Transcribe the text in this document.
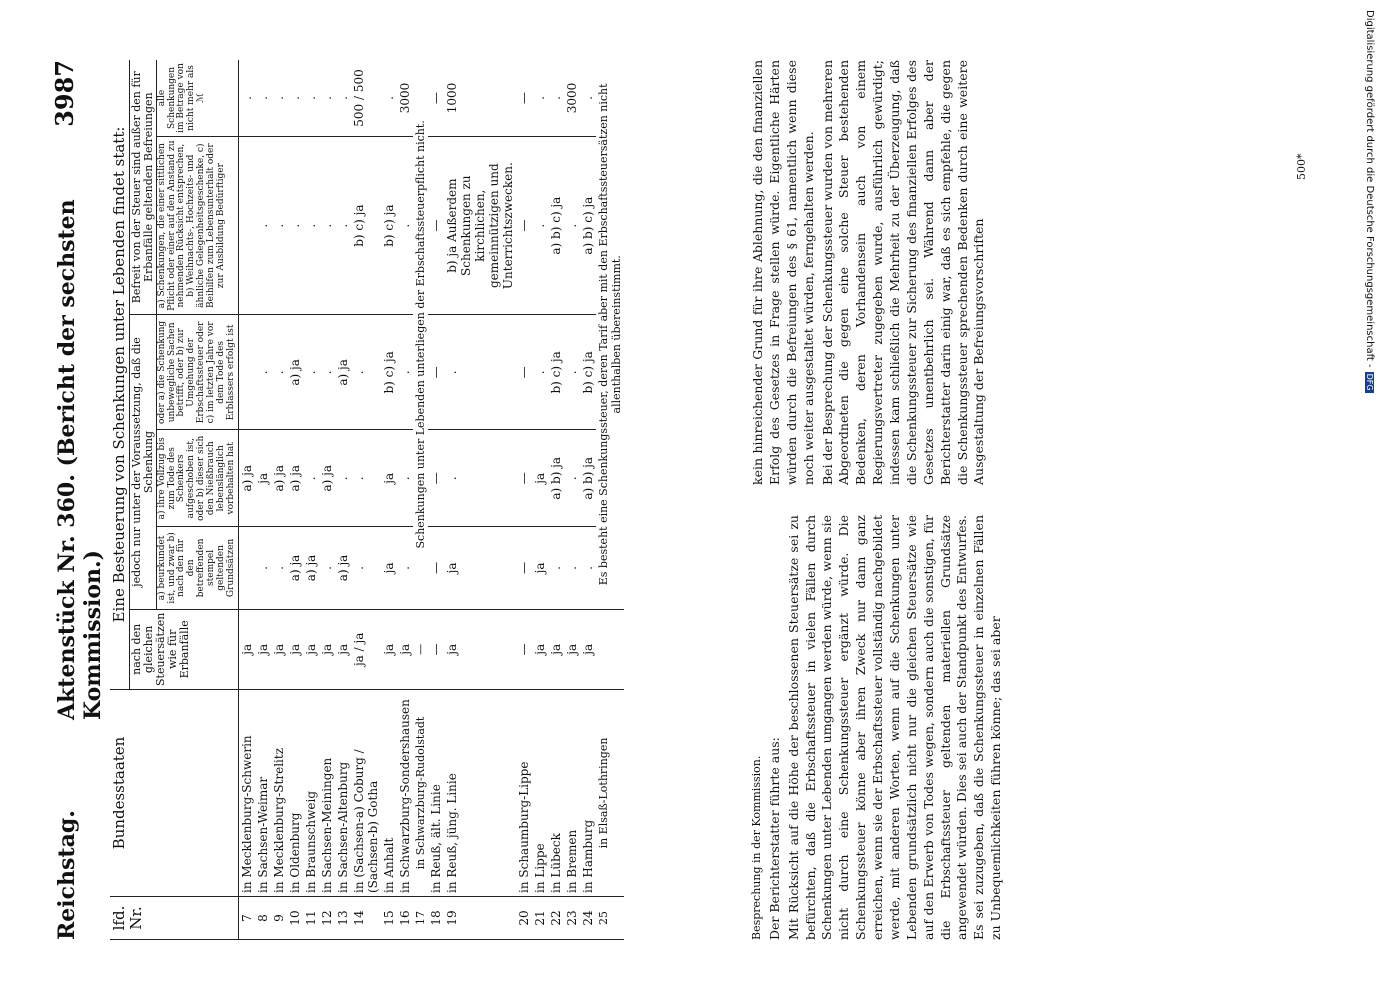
Reichstag.
Aktenstück Nr. 360. (Bericht der sechsten Kommission.)
3987
lfd. Nr.	Bundesstaaten	Eine Besteuerung von Schenkungen unter Lebenden findet statt:					
		nach den gleichen Steuersätzen wie für Erbanfälle	jedoch nur unter der Voraussetzung, daß die Schenkung			Befreit von der Steuer sind außer den für Erbanfälle geltenden Befreiungen	
			a) beurkundet ist, und zwar b) nach den für den betreffenden stempel geltenden Grundsätzen	a) ihre Vollzug bis zum Tode des Schenkers aufgeschoben ist, oder b) dieser sich den Nießbrauch lebenslänglich vorbehalten hat	oder a) die Schenkung unbewegliche Sachen betrifft, oder b) zur Umgehung der Erbschaftssteuer oder c) im letzten Jahre vor dem Tode des Erblassers erfolgt ist	a) Schenkungen, die einer sittlichen Pflicht oder einer auf den Anstand zu nehmenden Rücksicht entsprechen, b) Weihnachts-, Hochzeits- und ähnliche Gelegenheitsgeschenke, c) Beihilfen zum Lebensunterhalt oder zur Ausbildung Bedürftiger	alle Schenkungen im Betrage von nicht mehr als ℳ
7	in Mecklenburg-Schwerin	ja		a) ja			.
8	in Sachsen-Weimar	ja	.	ja	.	.	.
9	in Mecklenburg-Strelitz	ja	.	a) ja	.	.	.
10	in Oldenburg	ja	a) ja	a) ja	a) ja	.	.
11	in Braunschweig	ja	a) ja	.	.	.	.
12	in Sachsen-Meiningen	ja	.	a) ja	.	.	.
13	in Sachsen-Altenburg	ja	a) ja	.	a) ja	.	.
14	in (Sachsen-a) Coburg / (Sachsen-b) Gotha	ja / ja	.	.	.	b) c) ja	500 / 500
15	in Anhalt	ja	ja	ja	b) c) ja	b) c) ja	.
16	in Schwarzburg-Sondershausen	ja	.	.	.	.	3000
17	in Schwarzburg-Rudolstadt	—	Schenkungen unter Lebenden unterliegen der Erbschaftssteuerpflicht nicht.				
18	in Reuß, ält. Linie	—	—	—	—	—	—
19	in Reuß, jüng. Linie	ja	ja	.	.	b) ja Außerdem Schenkungen zu kirchlichen, gemeinnützigen und Unterrichtszwecken.	1000
20	in Schaumburg-Lippe	—	—	—	—	—	—
21	in Lippe	ja	ja	ja	.	.	.
22	in Lübeck	ja	.	a) b) ja	b) c) ja	a) b) c) ja	.
23	in Bremen	ja	.	.	.	.	3000
24	in Hamburg	ja	.	a) b) ja	b) c) ja	a) b) c) ja	.
25	in Elsaß-Lothringen		Es besteht eine Schenkungssteuer, deren Tarif aber mit den Erbschaftssteuersätzen nicht allenthalben übereinstimmt.				
Besprechung in der Kommission. Der Berichterstatter führte aus: Mit Rücksicht auf die Höhe der beschlossenen Steuersätze sei zu befürchten, daß die Erbschaftssteuer in vielen Fällen durch Schenkungen unter Lebenden umgangen werden würde, wenn sie nicht durch eine Schenkungssteuer ergänzt würde. Die Schenkungssteuer könne aber ihren Zweck nur dann ganz erreichen, wenn sie der Erbschaftssteuer vollständig nachgebildet werde, mit anderen Worten, wenn auf die Schenkungen unter Lebenden grundsätzlich nicht nur die gleichen Steuersätze wie auf den Erwerb von Todes wegen, sondern auch die sonstigen, für die Erbschaftssteuer geltenden materiellen Grundsätze angewendet würden. Dies sei auch der Standpunkt des Entwurfes. Es sei zuzugeben, daß die Schenkungssteuer in einzelnen Fällen zu Unbequemlichkeiten führen könne; das sei aber

kein hinreichender Grund für ihre Ablehnung, die den finanziellen Erfolg des Gesetzes in Frage stellen würde. Eigentliche Härten würden durch die Befreiungen des § 61, namentlich wenn diese noch weiter ausgestaltet würden, ferngehalten werden. Bei der Besprechung der Schenkungssteuer wurden von mehreren Abgeordneten die gegen eine solche Steuer bestehenden Bedenken, deren Vorhandensein auch von einem Regierungsvertreter zugegeben wurde, ausführlich gewürdigt; indessen kam schließlich die Mehrheit zu der Überzeugung, daß die Schenkungssteuer zur Sicherung des finanziellen Erfolges des Gesetzes unentbehrlich sei. Während dann aber der Berichterstatter darin einig war, daß es sich empfehle, die gegen die Schenkungssteuer sprechenden Bedenken durch eine weitere Ausgestaltung der Befreiungsvorschriften

500*	Digitalisierung gefördert durch die Deutsche Forschungsgemeinschaft -DFG
